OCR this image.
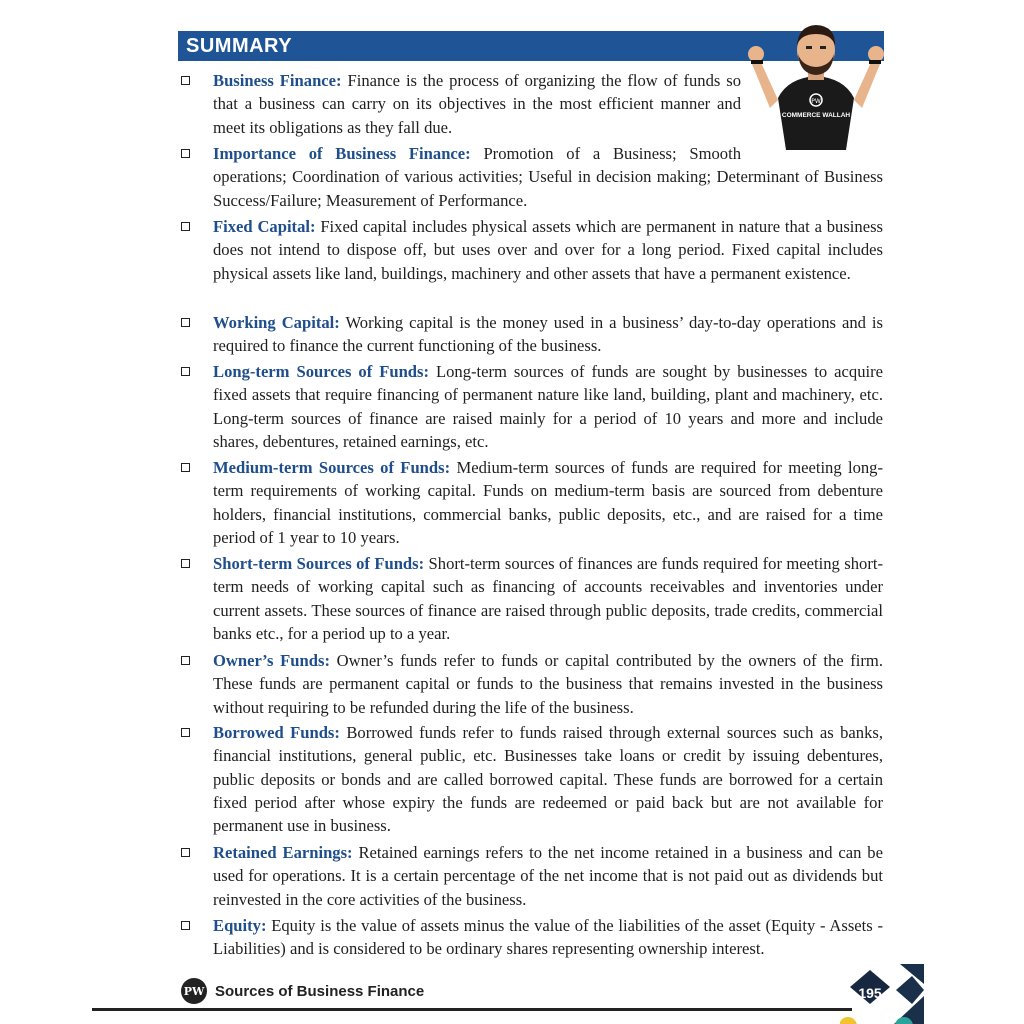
SUMMARY
PW
COMMERCE WALLAH
Business Finance: Finance is the process of organizing the flow of funds so that a business can carry on its objectives in the most efficient manner and meet its obligations as they fall due.
Importance of Business Finance: Promotion of a Business; Smooth operations; Coordination of various activities; Useful in decision making; Determinant of Business Success/Failure; Measurement of Performance.
Fixed Capital: Fixed capital includes physical assets which are permanent in nature that a business does not intend to dispose off, but uses over and over for a long period. Fixed capital includes physical assets like land, buildings, machinery and other assets that have a permanent existence.
Working Capital: Working capital is the money used in a business’ day-to-day operations and is required to finance the current functioning of the business.
Long-term Sources of Funds: Long-term sources of funds are sought by businesses to acquire fixed assets that require financing of permanent nature like land, building, plant and machinery, etc. Long-term sources of finance are raised mainly for a period of 10 years and more and include shares, debentures, retained earnings, etc.
Medium-term Sources of Funds: Medium-term sources of funds are required for meeting long-term requirements of working capital. Funds on medium-term basis are sourced from debenture holders, financial institutions, commercial banks, public deposits, etc., and are raised for a time period of 1 year to 10 years.
Short-term Sources of Funds: Short-term sources of finances are funds required for meeting short-term needs of working capital such as financing of accounts receivables and inventories under current assets. These sources of finance are raised through public deposits, trade credits, commercial banks etc., for a period up to a year.
Owner’s Funds: Owner’s funds refer to funds or capital contributed by the owners of the firm. These funds are permanent capital or funds to the business that remains invested in the business without requiring to be refunded during the life of the business.
Borrowed Funds: Borrowed funds refer to funds raised through external sources such as banks, financial institutions, general public, etc. Businesses take loans or credit by issuing debentures, public deposits or bonds and are called borrowed capital. These funds are borrowed for a certain fixed period after whose expiry the funds are redeemed or paid back but are not available for permanent use in business.
Retained Earnings: Retained earnings refers to the net income retained in a business and can be used for operations. It is a certain percentage of the net income that is not paid out as dividends but reinvested in the core activities of the business.
Equity: Equity is the value of assets minus the value of the liabilities of the asset (Equity - Assets - Liabilities) and is considered to be ordinary shares representing ownership interest.
PW Sources of Business Finance	195
